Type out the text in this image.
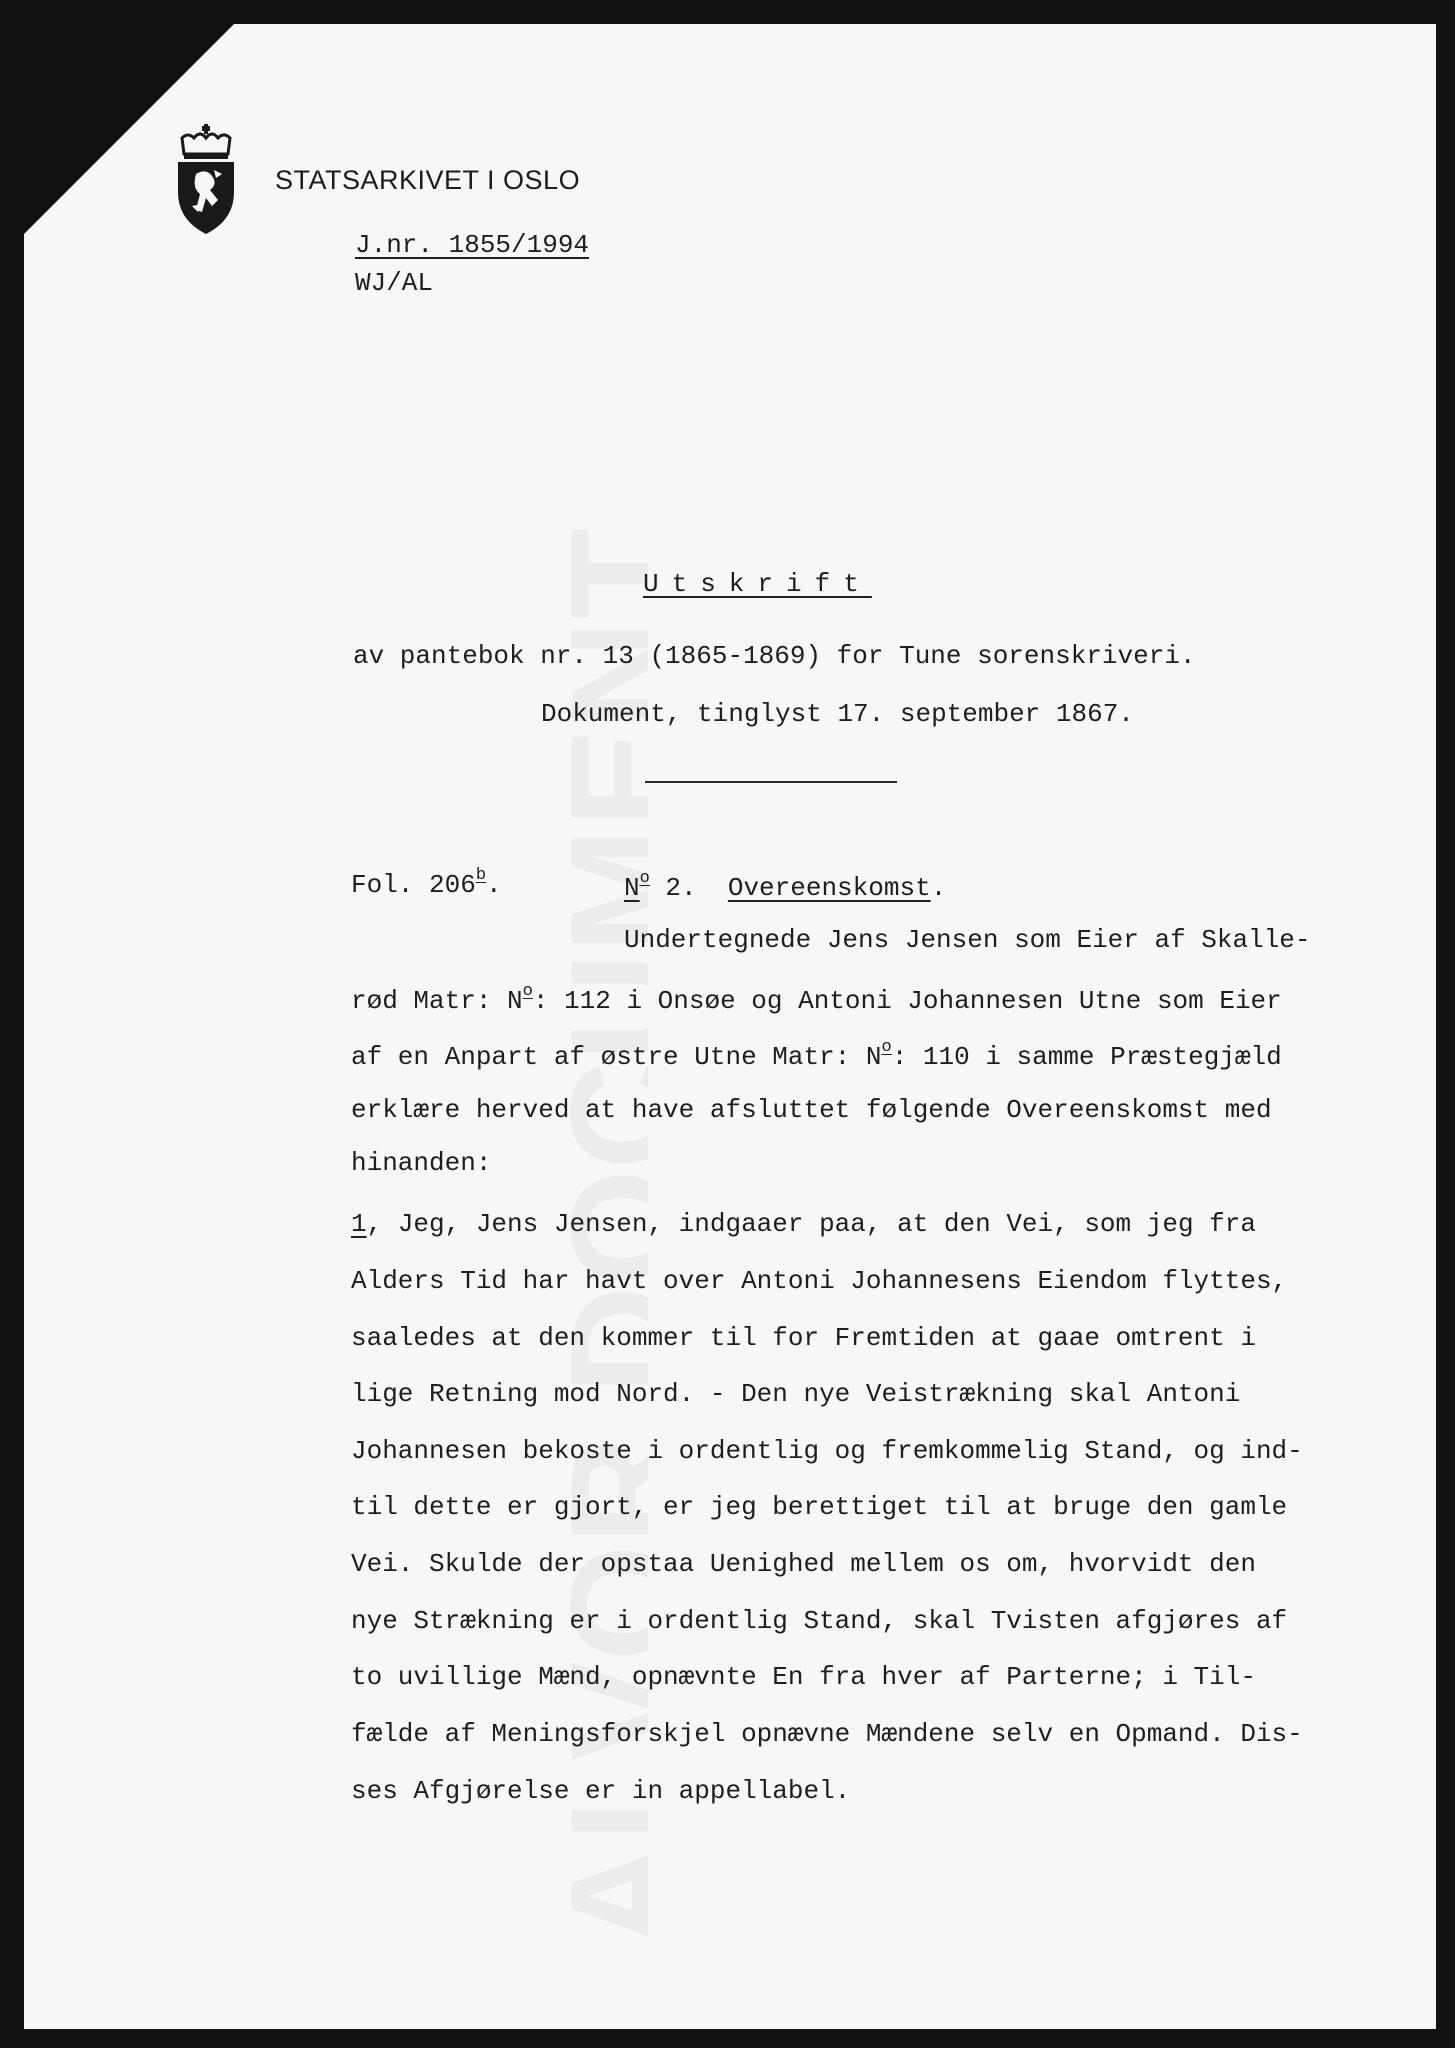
STATSARKIVET I OSLO
J.nr. 1855/1994
WJ/AL
Utskrift
av pantebok nr. 13 (1865-1869) for Tune sorenskriveri.
Dokument, tinglyst 17. september 1867.
Fol. 206$^b$.	$N^o$ 2. Overeenskomst.
Undertegnede Jens Jensen som Eier af Skalle-
rød Matr: $N^o$: 112 i Onsøe og Antoni Johannesen Utne som Eier
af en Anpart af østre Utne Matr: $N^o$: 110 i samme Præstegjæld
erklære herved at have afsluttet følgende Overeenskomst med
hinanden:
1, Jeg, Jens Jensen, indgaaer paa, at den Vei, som jeg fra
Alders Tid har havt over Antoni Johannesens Eiendom flyttes,
saaledes at den kommer til for Fremtiden at gaae omtrent i
lige Retning mod Nord. - Den nye Veistrækning skal Antoni
Johannesen bekoste i ordentlig og fremkommelig Stand, og ind-
til dette er gjort, er jeg berettiget til at bruge den gamle
Vei. Skulde der opstaa Uenighed mellem os om, hvorvidt den
nye Strækning er i ordentlig Stand, skal Tvisten afgjøres af
to uvillige Mænd, opnævnte En fra hver af Parterne; i Til-
fælde af Meningsforskjel opnævne Mændene selv en Opmand. Dis-
ses Afgjørelse er in appellabel.
